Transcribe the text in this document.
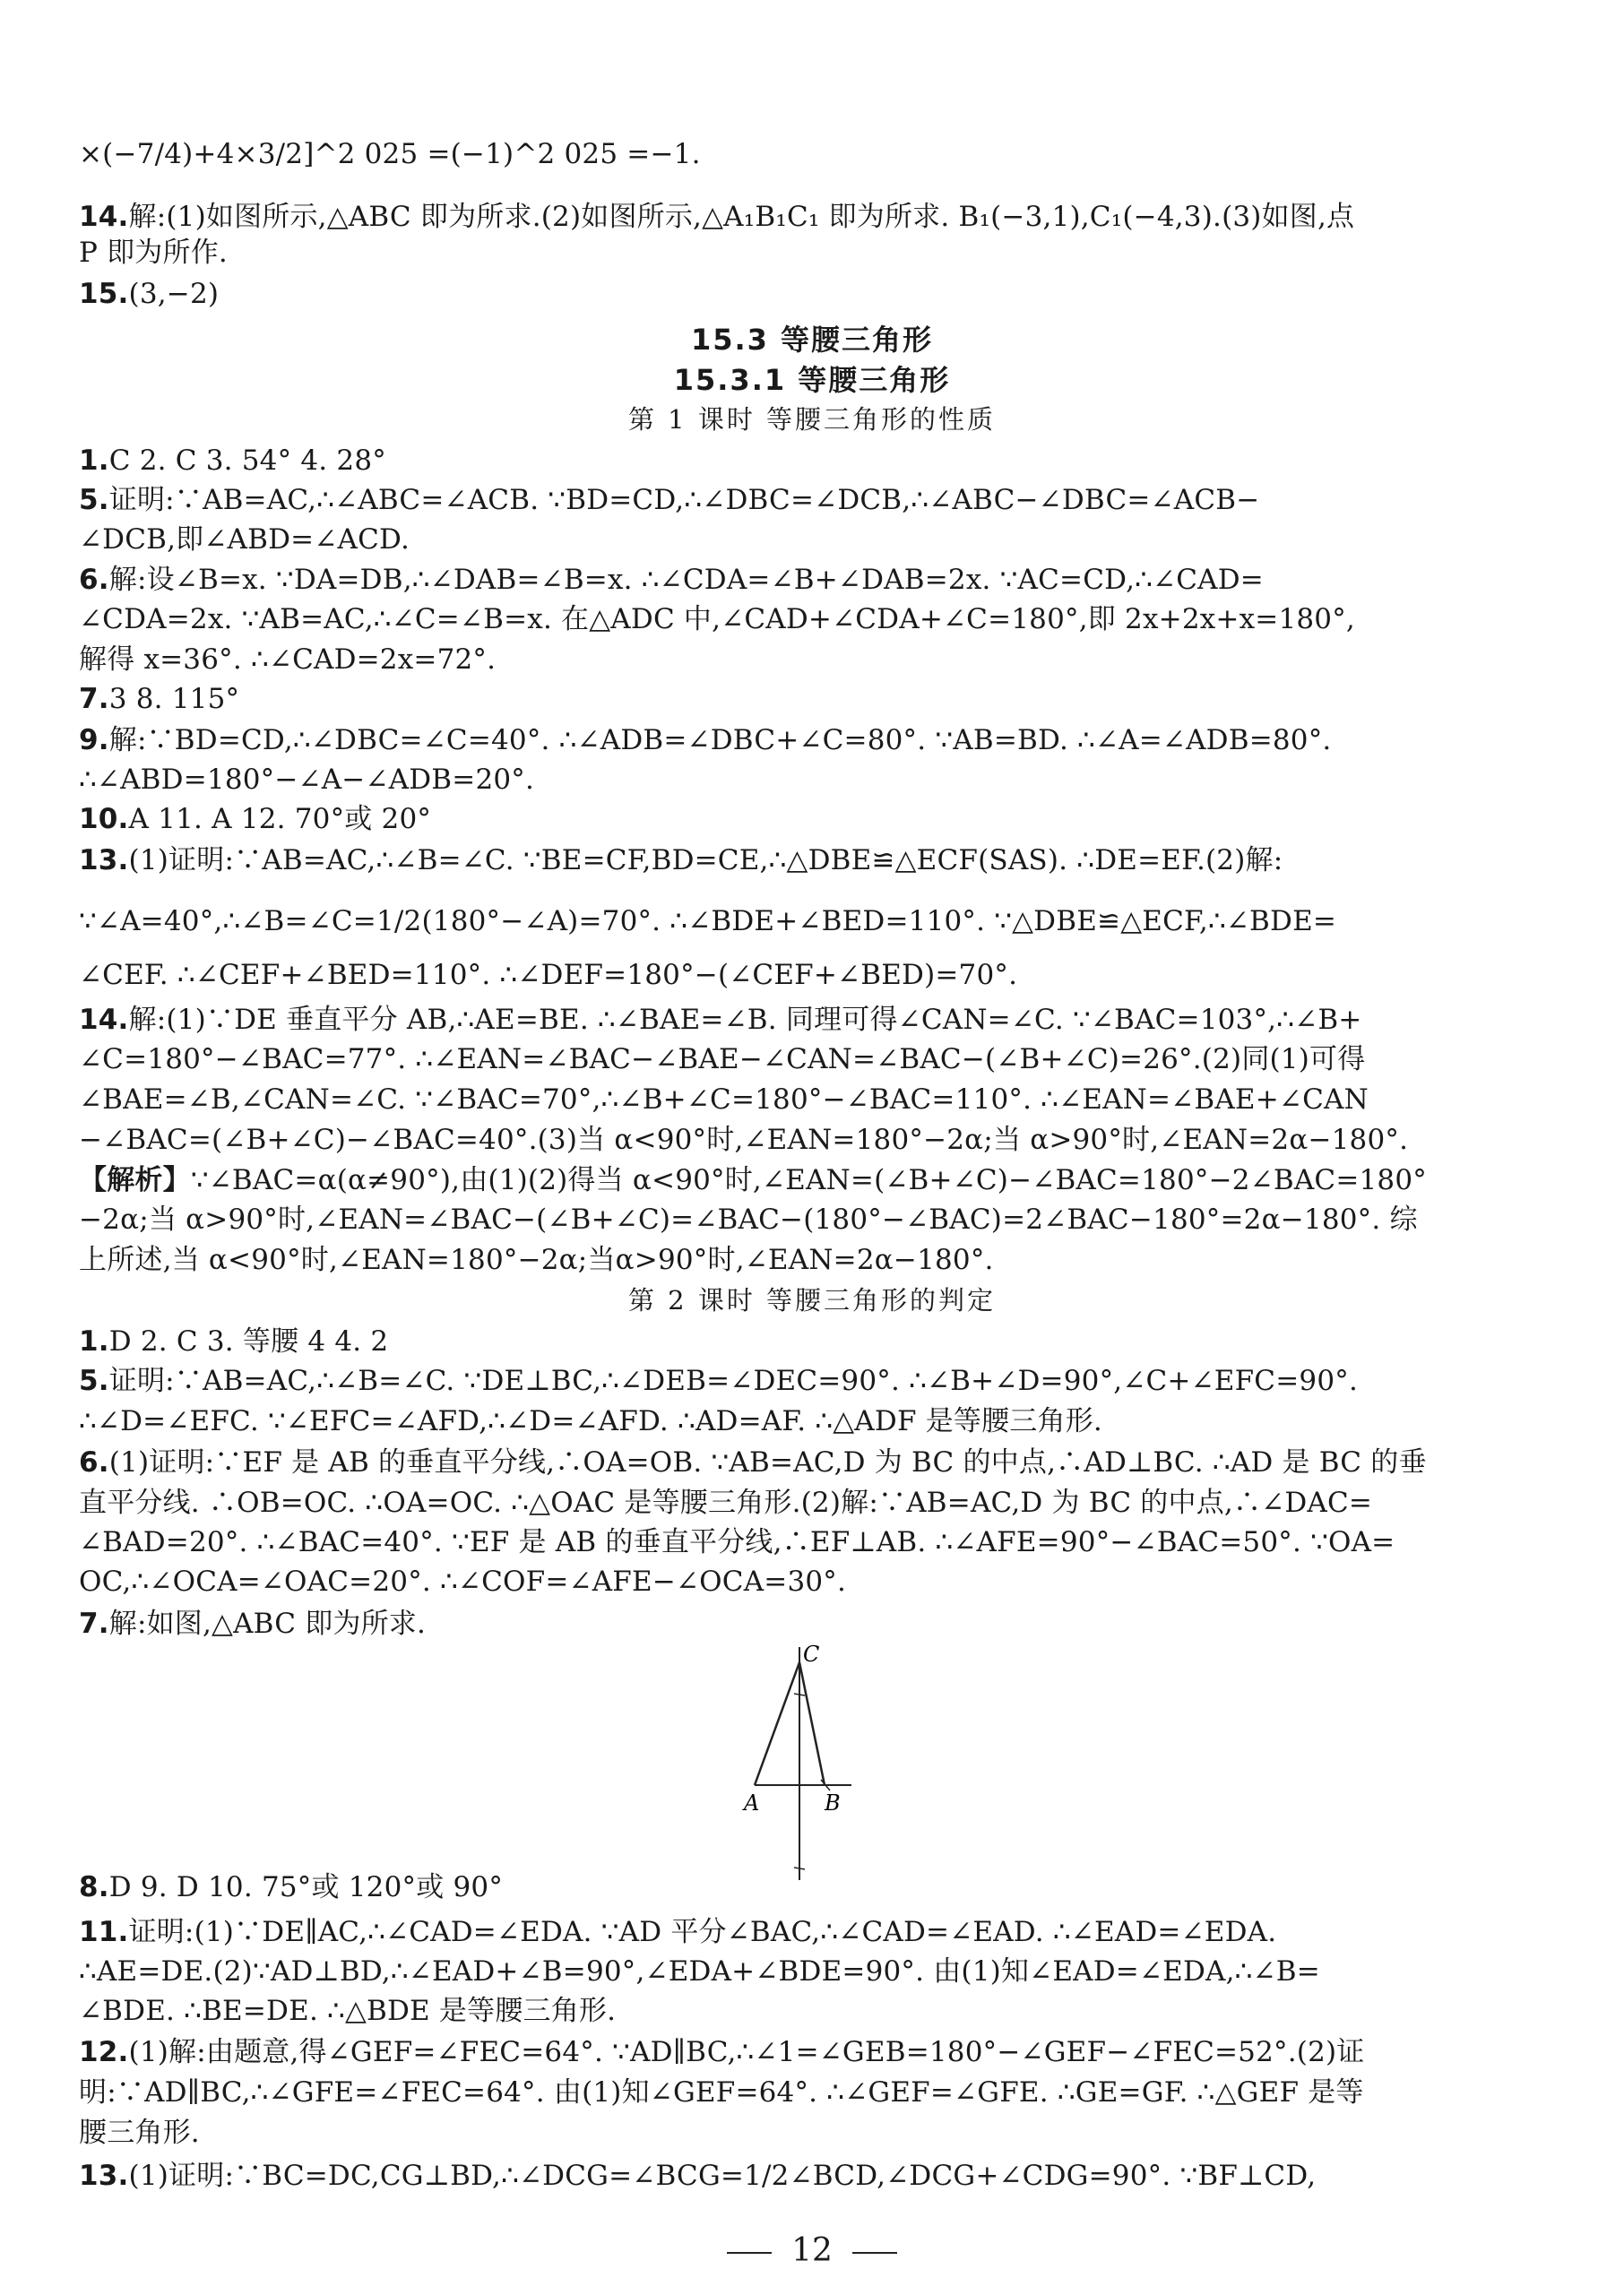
×(−7/4)+4×3/2]^2 025 =(−1)^2 025 =−1.
14.解:(1)如图所示,△ABC 即为所求.(2)如图所示,△A₁B₁C₁ 即为所求. B₁(−3,1),C₁(−4,3).(3)如图,点
P 即为所作.
15.(3,−2)
15.3 等腰三角形
15.3.1 等腰三角形
第 1 课时 等腰三角形的性质
1.C 2. C 3. 54° 4. 28°
5.证明:∵AB=AC,∴∠ABC=∠ACB. ∵BD=CD,∴∠DBC=∠DCB,∴∠ABC−∠DBC=∠ACB−
∠DCB,即∠ABD=∠ACD.
6.解:设∠B=x. ∵DA=DB,∴∠DAB=∠B=x. ∴∠CDA=∠B+∠DAB=2x. ∵AC=CD,∴∠CAD=
∠CDA=2x. ∵AB=AC,∴∠C=∠B=x. 在△ADC 中,∠CAD+∠CDA+∠C=180°,即 2x+2x+x=180°,
解得 x=36°. ∴∠CAD=2x=72°.
7.3 8. 115°
9.解:∵BD=CD,∴∠DBC=∠C=40°. ∴∠ADB=∠DBC+∠C=80°. ∵AB=BD. ∴∠A=∠ADB=80°.
∴∠ABD=180°−∠A−∠ADB=20°.
10.A 11. A 12. 70°或 20°
13.(1)证明:∵AB=AC,∴∠B=∠C. ∵BE=CF,BD=CE,∴△DBE≌△ECF(SAS). ∴DE=EF.(2)解:
∵∠A=40°,∴∠B=∠C=1/2(180°−∠A)=70°. ∴∠BDE+∠BED=110°. ∵△DBE≌△ECF,∴∠BDE=
∠CEF. ∴∠CEF+∠BED=110°. ∴∠DEF=180°−(∠CEF+∠BED)=70°.
14.解:(1)∵DE 垂直平分 AB,∴AE=BE. ∴∠BAE=∠B. 同理可得∠CAN=∠C. ∵∠BAC=103°,∴∠B+
∠C=180°−∠BAC=77°. ∴∠EAN=∠BAC−∠BAE−∠CAN=∠BAC−(∠B+∠C)=26°.(2)同(1)可得
∠BAE=∠B,∠CAN=∠C. ∵∠BAC=70°,∴∠B+∠C=180°−∠BAC=110°. ∴∠EAN=∠BAE+∠CAN
−∠BAC=(∠B+∠C)−∠BAC=40°.(3)当 α<90°时,∠EAN=180°−2α;当 α>90°时,∠EAN=2α−180°.
【解析】∵∠BAC=α(α≠90°),由(1)(2)得当 α<90°时,∠EAN=(∠B+∠C)−∠BAC=180°−2∠BAC=180°
−2α;当 α>90°时,∠EAN=∠BAC−(∠B+∠C)=∠BAC−(180°−∠BAC)=2∠BAC−180°=2α−180°. 综
上所述,当 α<90°时,∠EAN=180°−2α;当α>90°时,∠EAN=2α−180°.
第 2 课时 等腰三角形的判定
1.D 2. C 3. 等腰 4 4. 2
5.证明:∵AB=AC,∴∠B=∠C. ∵DE⊥BC,∴∠DEB=∠DEC=90°. ∴∠B+∠D=90°,∠C+∠EFC=90°.
∴∠D=∠EFC. ∵∠EFC=∠AFD,∴∠D=∠AFD. ∴AD=AF. ∴△ADF 是等腰三角形.
6.(1)证明:∵EF 是 AB 的垂直平分线,∴OA=OB. ∵AB=AC,D 为 BC 的中点,∴AD⊥BC. ∴AD 是 BC 的垂
直平分线. ∴OB=OC. ∴OA=OC. ∴△OAC 是等腰三角形.(2)解:∵AB=AC,D 为 BC 的中点,∴∠DAC=
∠BAD=20°. ∴∠BAC=40°. ∵EF 是 AB 的垂直平分线,∴EF⊥AB. ∴∠AFE=90°−∠BAC=50°. ∵OA=
OC,∴∠OCA=∠OAC=20°. ∴∠COF=∠AFE−∠OCA=30°.
7.解:如图,△ABC 即为所求.
C
A	B
8.D 9. D 10. 75°或 120°或 90°
11.证明:(1)∵DE∥AC,∴∠CAD=∠EDA. ∵AD 平分∠BAC,∴∠CAD=∠EAD. ∴∠EAD=∠EDA.
∴AE=DE.(2)∵AD⊥BD,∴∠EAD+∠B=90°,∠EDA+∠BDE=90°. 由(1)知∠EAD=∠EDA,∴∠B=
∠BDE. ∴BE=DE. ∴△BDE 是等腰三角形.
12.(1)解:由题意,得∠GEF=∠FEC=64°. ∵AD∥BC,∴∠1=∠GEB=180°−∠GEF−∠FEC=52°.(2)证
明:∵AD∥BC,∴∠GFE=∠FEC=64°. 由(1)知∠GEF=64°. ∴∠GEF=∠GFE. ∴GE=GF. ∴△GEF 是等
腰三角形.
13.(1)证明:∵BC=DC,CG⊥BD,∴∠DCG=∠BCG=1/2∠BCD,∠DCG+∠CDG=90°. ∵BF⊥CD,
12
